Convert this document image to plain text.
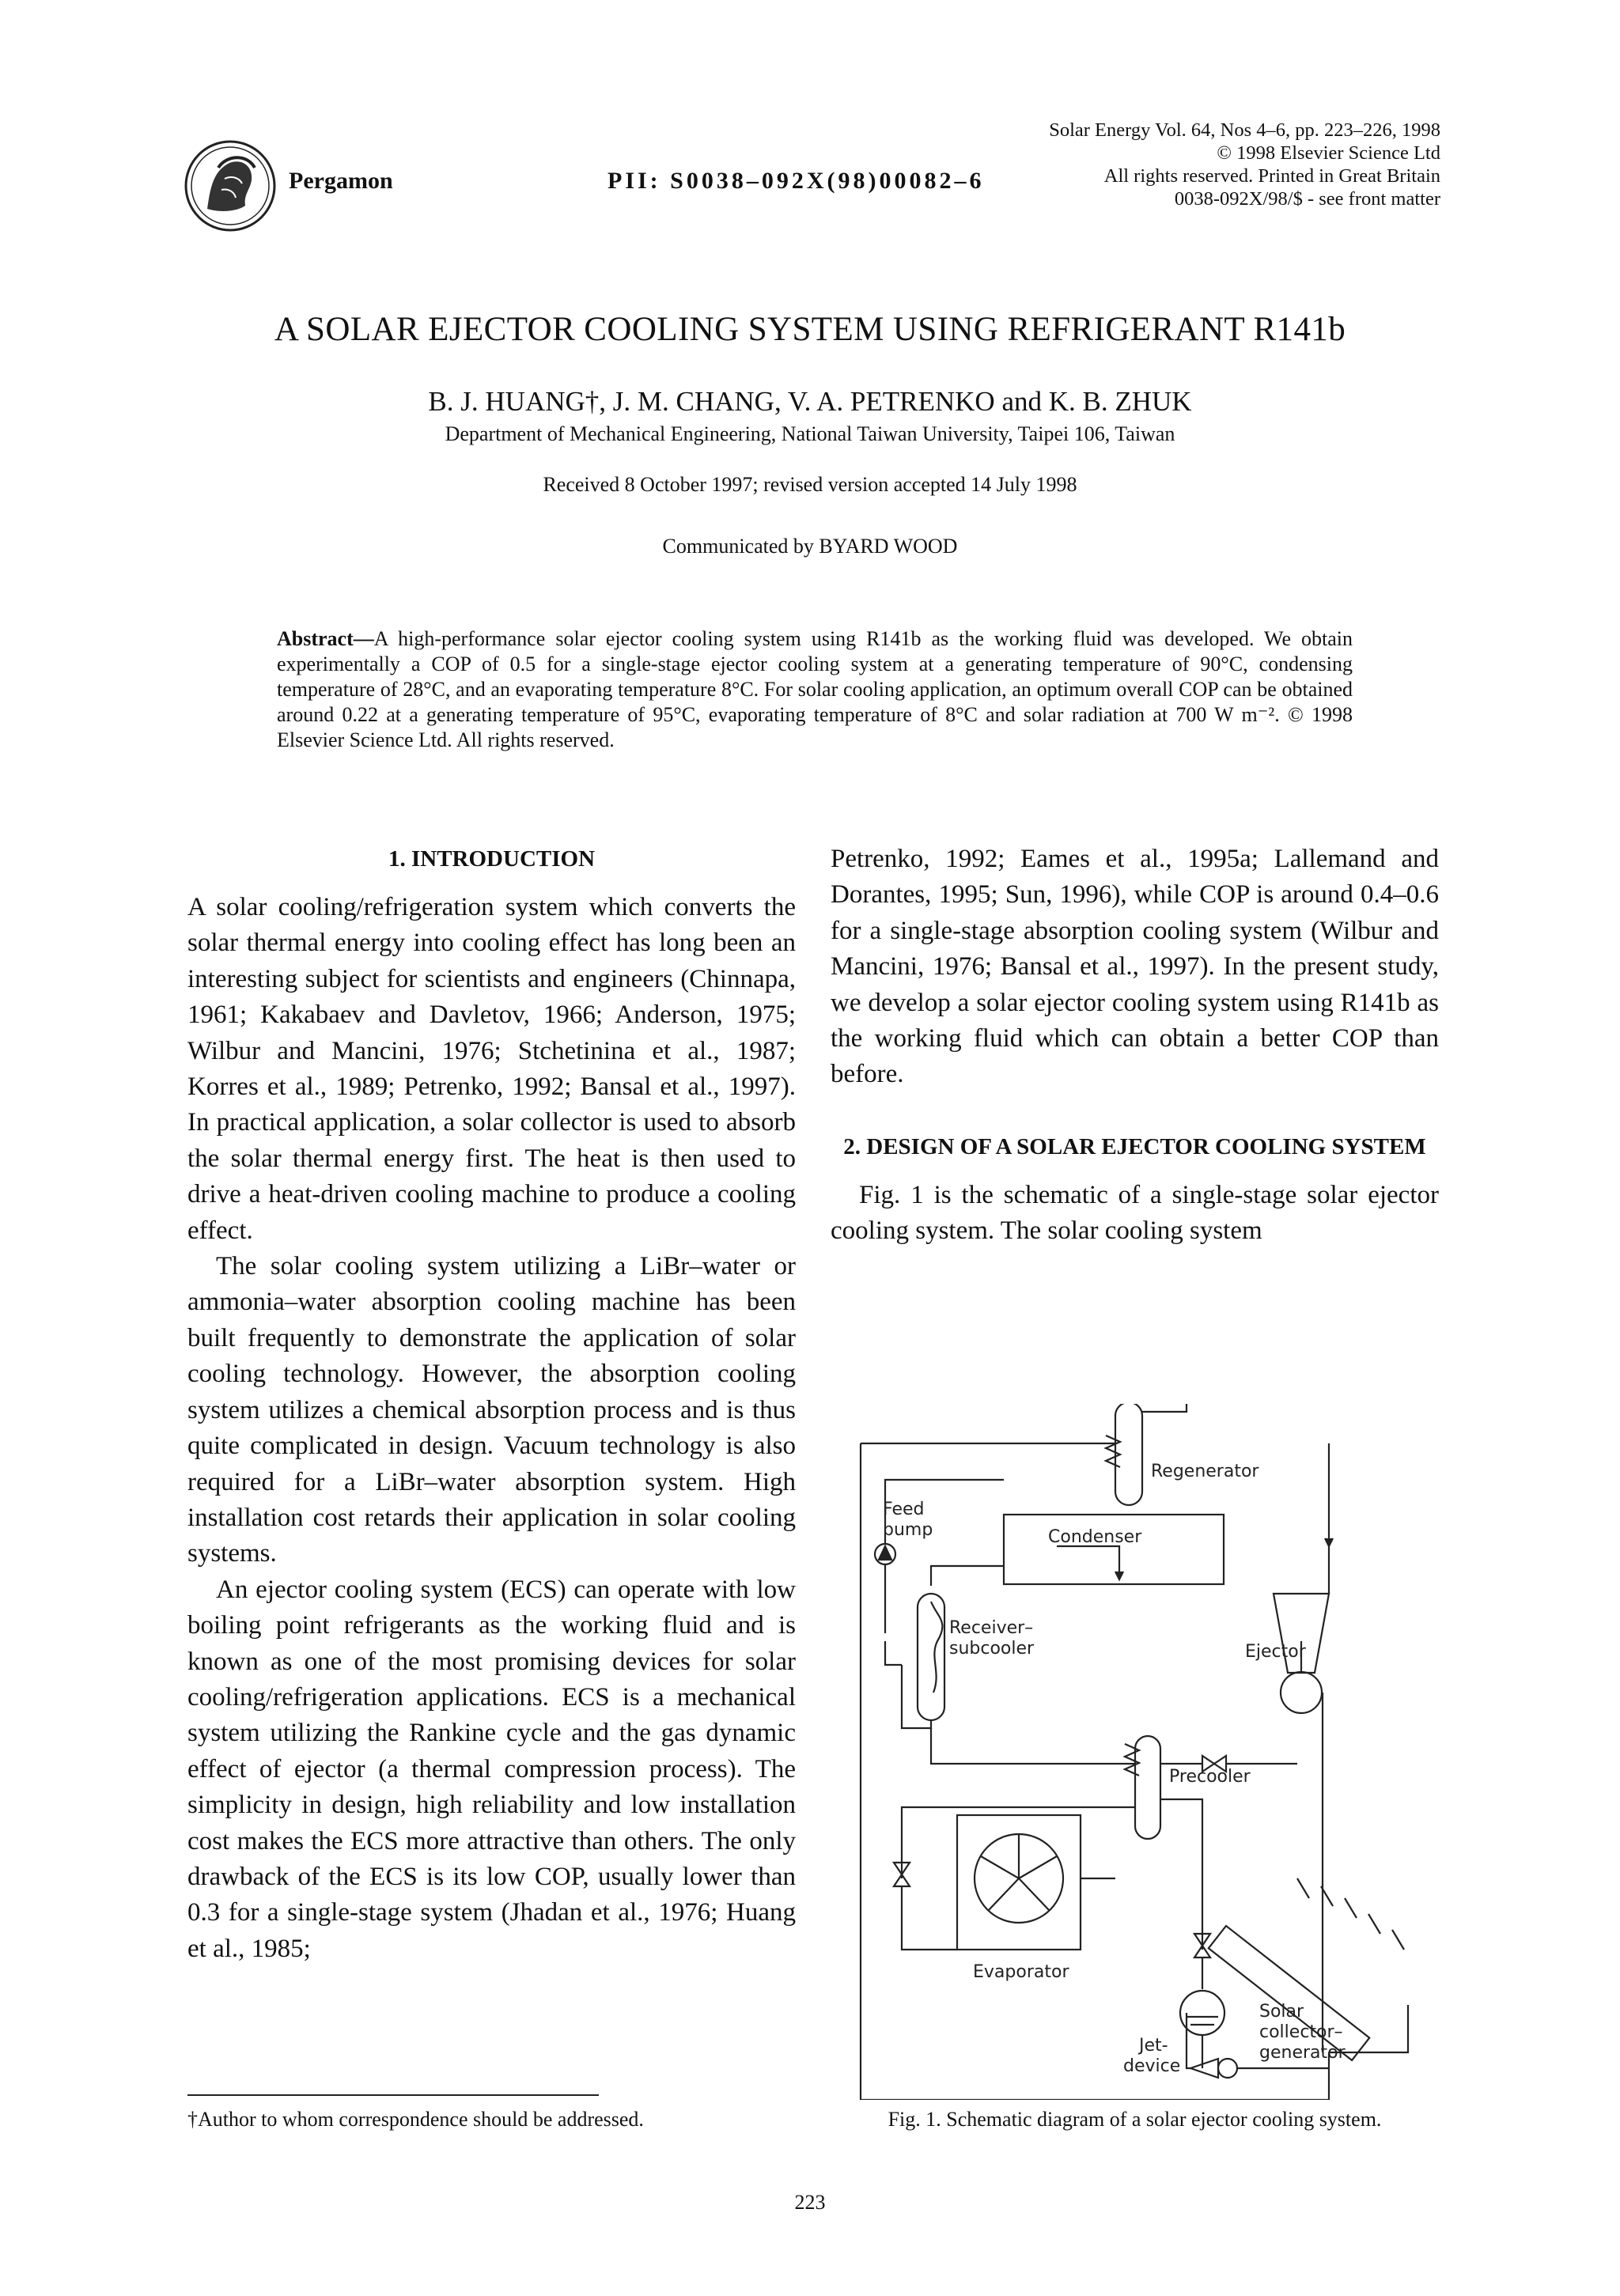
Pergamon	PII: S0038–092X(98)00082–6
Solar Energy Vol. 64, Nos 4–6, pp. 223–226, 1998
© 1998 Elsevier Science Ltd
All rights reserved. Printed in Great Britain
0038-092X/98/$ - see front matter
A SOLAR EJECTOR COOLING SYSTEM USING REFRIGERANT R141b
B. J. HUANG†, J. M. CHANG, V. A. PETRENKO and K. B. ZHUK
Department of Mechanical Engineering, National Taiwan University, Taipei 106, Taiwan
Received 8 October 1997; revised version accepted 14 July 1998
Communicated by BYARD WOOD
Abstract—A high-performance solar ejector cooling system using R141b as the working fluid was developed. We obtain experimentally a COP of 0.5 for a single-stage ejector cooling system at a generating temperature of 90°C, condensing temperature of 28°C, and an evaporating temperature 8°C. For solar cooling application, an optimum overall COP can be obtained around 0.22 at a generating temperature of 95°C, evaporating temperature of 8°C and solar radiation at 700 W m⁻². © 1998 Elsevier Science Ltd. All rights reserved.

1. INTRODUCTION

A solar cooling/refrigeration system which converts the solar thermal energy into cooling effect has long been an interesting subject for scientists and engineers (Chinnapa, 1961; Kakabaev and Davletov, 1966; Anderson, 1975; Wilbur and Mancini, 1976; Stchetinina et al., 1987; Korres et al., 1989; Petrenko, 1992; Bansal et al., 1997). In practical application, a solar collector is used to absorb the solar thermal energy first. The heat is then used to drive a heat-driven cooling machine to produce a cooling effect.

The solar cooling system utilizing a LiBr–water or ammonia–water absorption cooling machine has been built frequently to demonstrate the application of solar cooling technology. However, the absorption cooling system utilizes a chemical absorption process and is thus quite complicated in design. Vacuum technology is also required for a LiBr–water absorption system. High installation cost retards their application in solar cooling systems.

An ejector cooling system (ECS) can operate with low boiling point refrigerants as the working fluid and is known as one of the most promising devices for solar cooling/refrigeration applications. ECS is a mechanical system utilizing the Rankine cycle and the gas dynamic effect of ejector (a thermal compression process). The simplicity in design, high reliability and low installation cost makes the ECS more attractive than others. The only drawback of the ECS is its low COP, usually lower than 0.3 for a single-stage system (Jhadan et al., 1976; Huang et al., 1985;

Petrenko, 1992; Eames et al., 1995a; Lallemand and Dorantes, 1995; Sun, 1996), while COP is around 0.4–0.6 for a single-stage absorption cooling system (Wilbur and Mancini, 1976; Bansal et al., 1997). In the present study, we develop a solar ejector cooling system using R141b as the working fluid which can obtain a better COP than before.

2. DESIGN OF A SOLAR EJECTOR COOLING SYSTEM

Fig. 1 is the schematic of a single-stage solar ejector cooling system. The solar cooling system

Regenerator
Feed
pump	Condenser
Receiver–
subcooler	Ejector
Precooler
Evaporator
Solar
collector–
generator
Jet-
device
†Author to whom correspondence should be addressed.	Fig. 1. Schematic diagram of a solar ejector cooling system.
223
